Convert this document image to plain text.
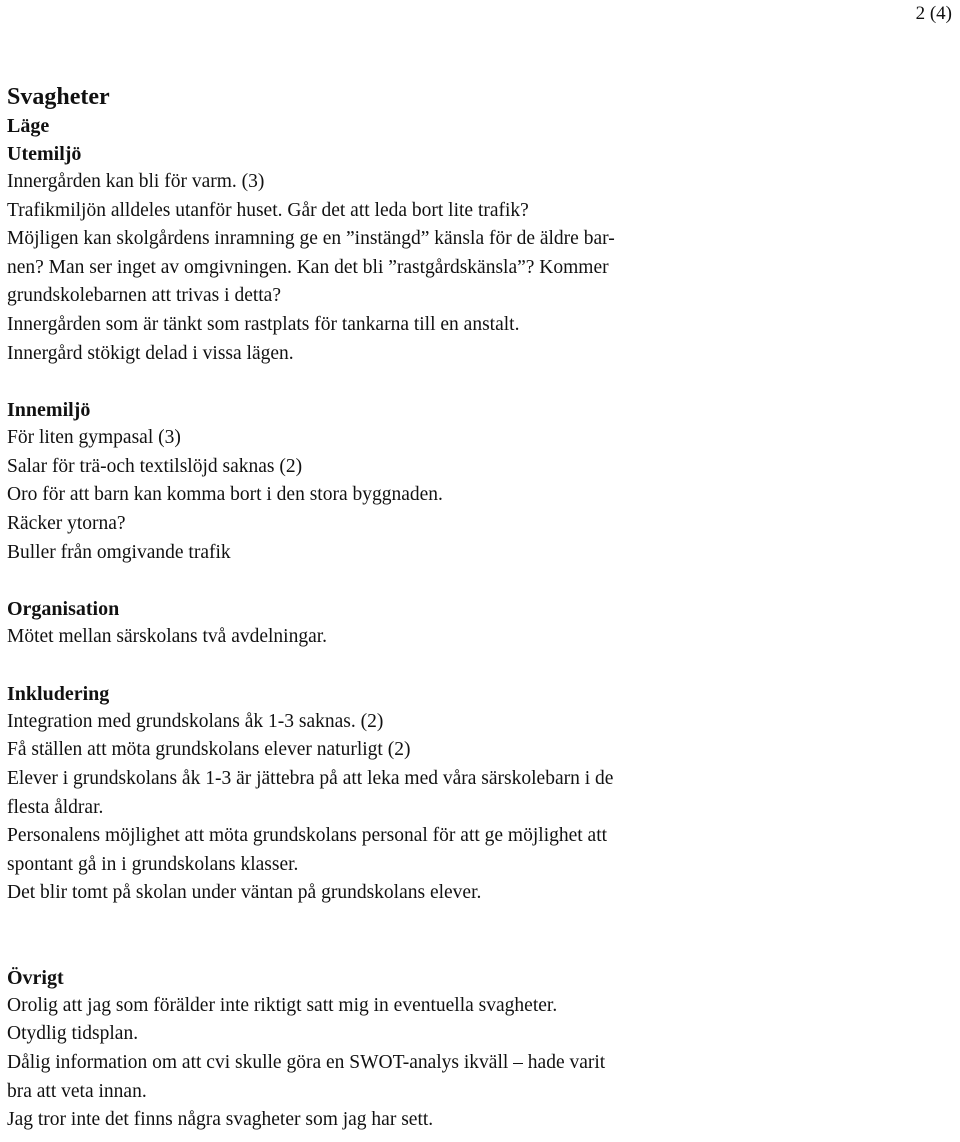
2 (4)
Svagheter
Läge
Utemiljö

Innergården kan bli för varm. (3)

Trafikmiljön alldeles utanför huset. Går det att leda bort lite trafik?

Möjligen kan skolgårdens inramning ge en ”instängd” känsla för de äldre bar-

nen? Man ser inget av omgivningen. Kan det bli ”rastgårdskänsla”? Kommer

grundskolebarnen att trivas i detta?

Innergården som är tänkt som rastplats för tankarna till en anstalt.

Innergård stökigt delad i vissa lägen.

Innemiljö

För liten gympasal (3)

Salar för trä-och textilslöjd saknas (2)

Oro för att barn kan komma bort i den stora byggnaden.

Räcker ytorna?

Buller från omgivande trafik

Organisation

Mötet mellan särskolans två avdelningar.

Inkludering

Integration med grundskolans åk 1-3 saknas. (2)

Få ställen att möta grundskolans elever naturligt (2)

Elever i grundskolans åk 1-3 är jättebra på att leka med våra särskolebarn i de

flesta åldrar.

Personalens möjlighet att möta grundskolans personal för att ge möjlighet att

spontant gå in i grundskolans klasser.

Det blir tomt på skolan under väntan på grundskolans elever.

Övrigt

Orolig att jag som förälder inte riktigt satt mig in eventuella svagheter.

Otydlig tidsplan.

Dålig information om att cvi skulle göra en SWOT-analys ikväll – hade varit

bra att veta innan.

Jag tror inte det finns några svagheter som jag har sett.
